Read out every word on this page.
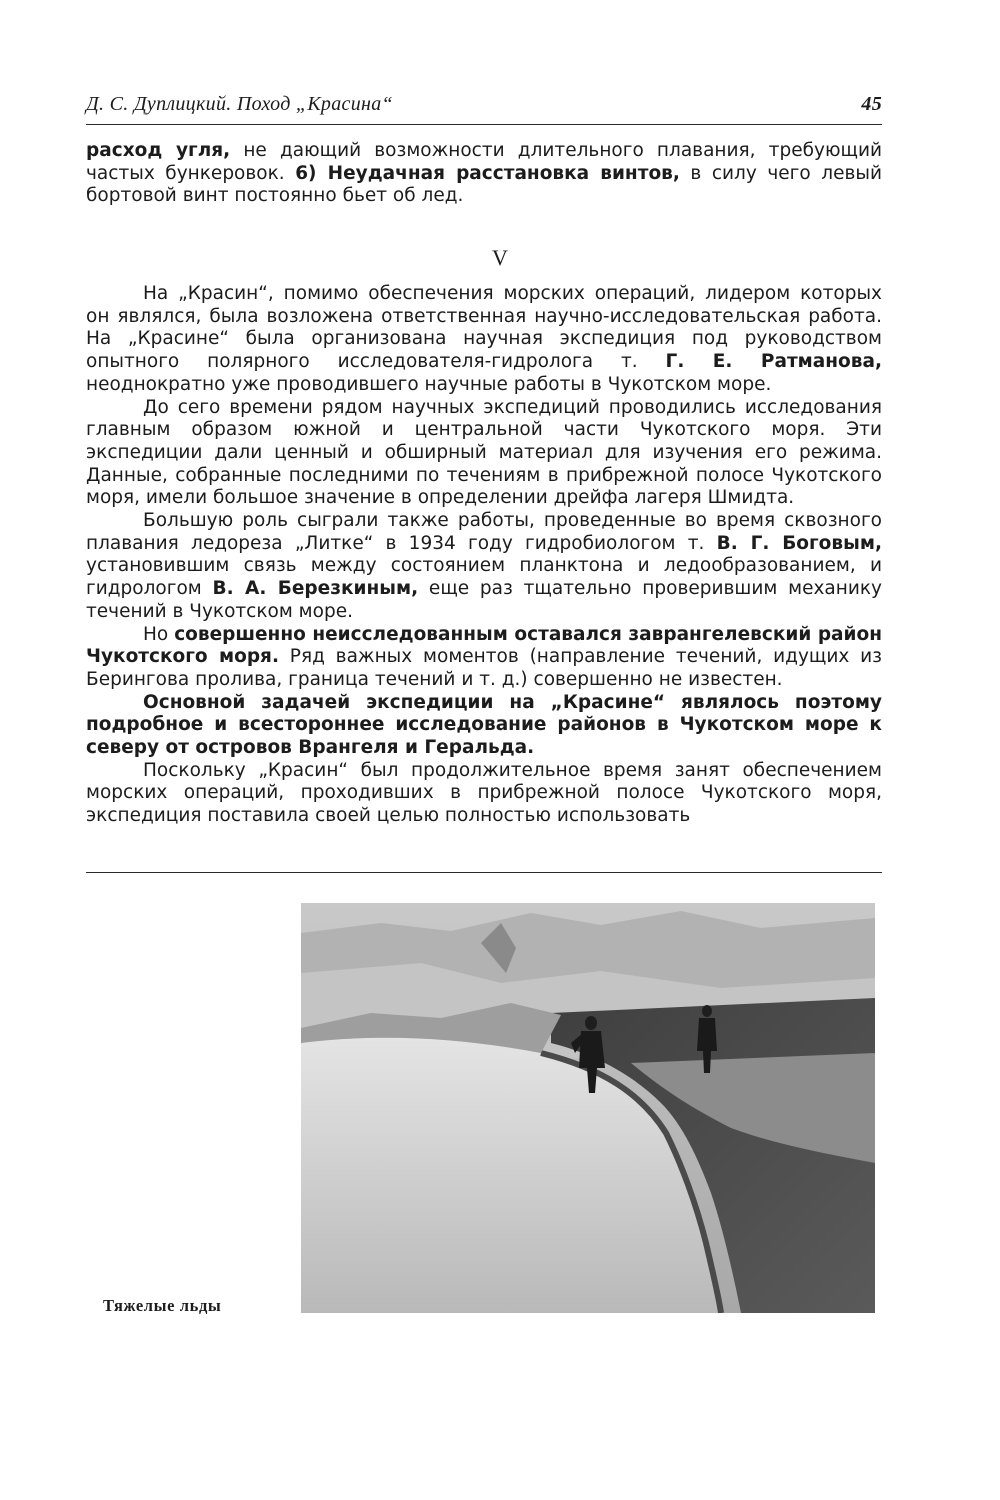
Д. С. Дуплицкий. Поход „Красина“	45

расход угля, не дающий возможности длительного плавания, требующий частых бункеровок. 6) Неудачная расстановка винтов, в силу чего левый бортовой винт постоянно бьет об лед.

V

На „Красин“, помимо обеспечения морских операций, лидером которых он являлся, была возложена ответственная научно-исследовательская работа. На „Красине“ была организована научная экспедиция под руководством опытного полярного исследователя-гидролога т. Г. Е. Ратманова, неоднократно уже проводившего научные работы в Чукотском море.

До сего времени рядом научных экспедиций проводились исследования главным образом южной и центральной части Чукотского моря. Эти экспедиции дали ценный и обширный материал для изучения его режима. Данные, собранные последними по течениям в прибрежной полосе Чукотского моря, имели большое значение в определении дрейфа лагеря Шмидта.

Большую роль сыграли также работы, проведенные во время сквозного плавания ледореза „Литке“ в 1934 году гидробиологом т. В. Г. Боговым, установившим связь между состоянием планктона и ледообразованием, и гидрологом В. А. Березкиным, еще раз тщательно проверившим механику течений в Чукотском море.

Но совершенно неисследованным оставался заврангелевский район Чукотского моря. Ряд важных моментов (направление течений, идущих из Берингова пролива, граница течений и т. д.) совершенно не известен.

Основной задачей экспедиции на „Красине“ являлось поэтому подробное и всестороннее исследование районов в Чукотском море к северу от островов Врангеля и Геральда.

Поскольку „Красин“ был продолжительное время занят обеспечением морских операций, проходивших в прибрежной полосе Чукотского моря, экспедиция поставила своей целью полностью использовать

Тяжелые льды
